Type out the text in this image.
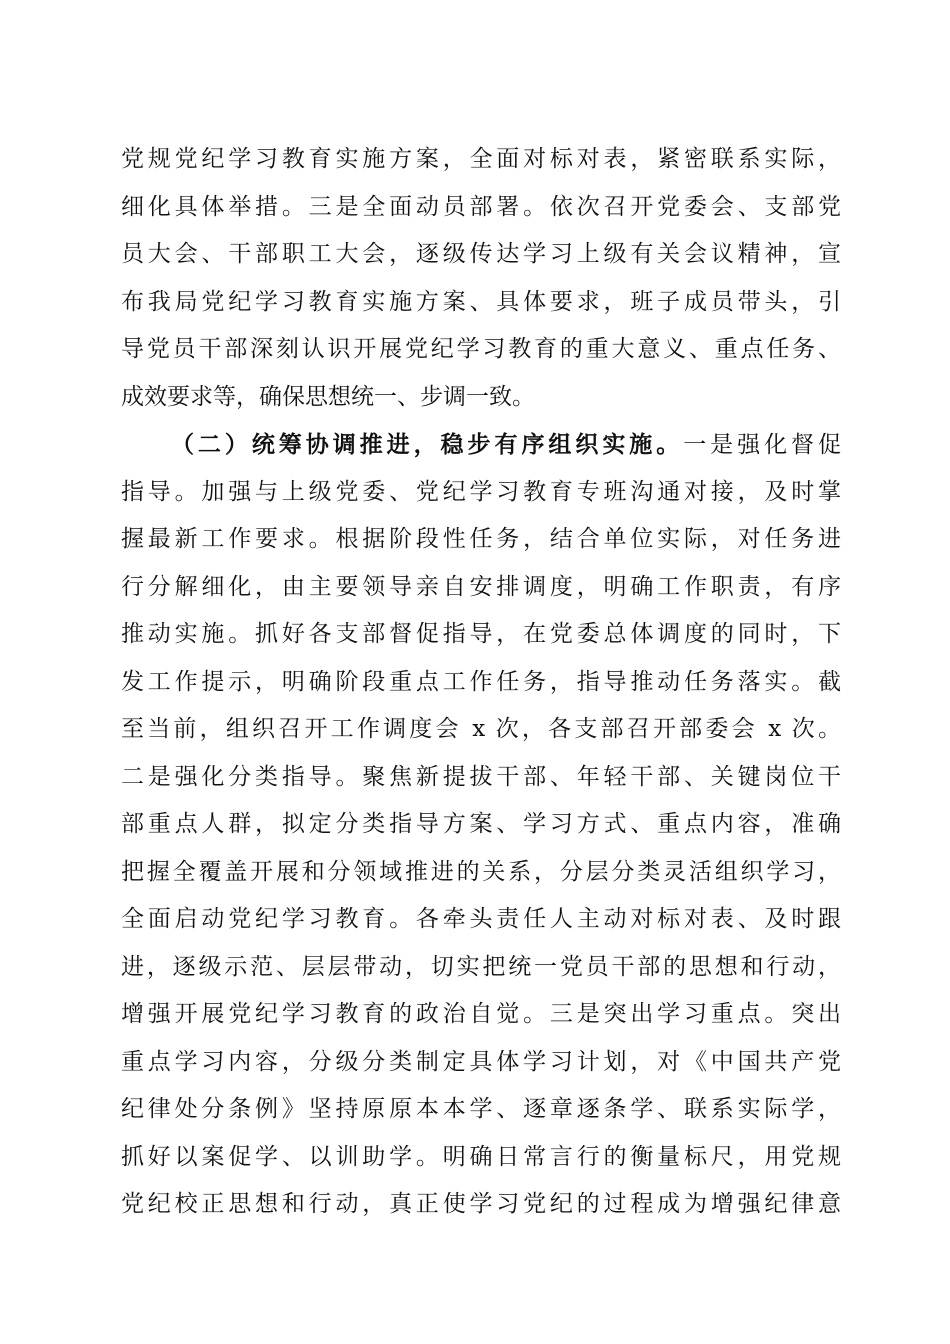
党规党纪学习教育实施方案，全面对标对表，紧密联系实际，
细化具体举措。三是全面动员部署。依次召开党委会、支部党
员大会、干部职工大会，逐级传达学习上级有关会议精神，宣
布我局党纪学习教育实施方案、具体要求，班子成员带头，引
导党员干部深刻认识开展党纪学习教育的重大意义、重点任务、
成效要求等，确保思想统一、步调一致。
（二）统筹协调推进，稳步有序组织实施。一是强化督促
指导。加强与上级党委、党纪学习教育专班沟通对接，及时掌
握最新工作要求。根据阶段性任务，结合单位实际，对任务进
行分解细化，由主要领导亲自安排调度，明确工作职责，有序
推动实施。抓好各支部督促指导，在党委总体调度的同时，下
发工作提示，明确阶段重点工作任务，指导推动任务落实。截
至当前，组织召开工作调度会 x 次，各支部召开部委会 x 次。
二是强化分类指导。聚焦新提拔干部、年轻干部、关键岗位干
部重点人群，拟定分类指导方案、学习方式、重点内容，准确
把握全覆盖开展和分领域推进的关系，分层分类灵活组织学习，
全面启动党纪学习教育。各牵头责任人主动对标对表、及时跟
进，逐级示范、层层带动，切实把统一党员干部的思想和行动，
增强开展党纪学习教育的政治自觉。三是突出学习重点。突出
重点学习内容，分级分类制定具体学习计划，对《中国共产党
纪律处分条例》坚持原原本本学、逐章逐条学、联系实际学，
抓好以案促学、以训助学。明确日常言行的衡量标尺，用党规
党纪校正思想和行动，真正使学习党纪的过程成为增强纪律意
